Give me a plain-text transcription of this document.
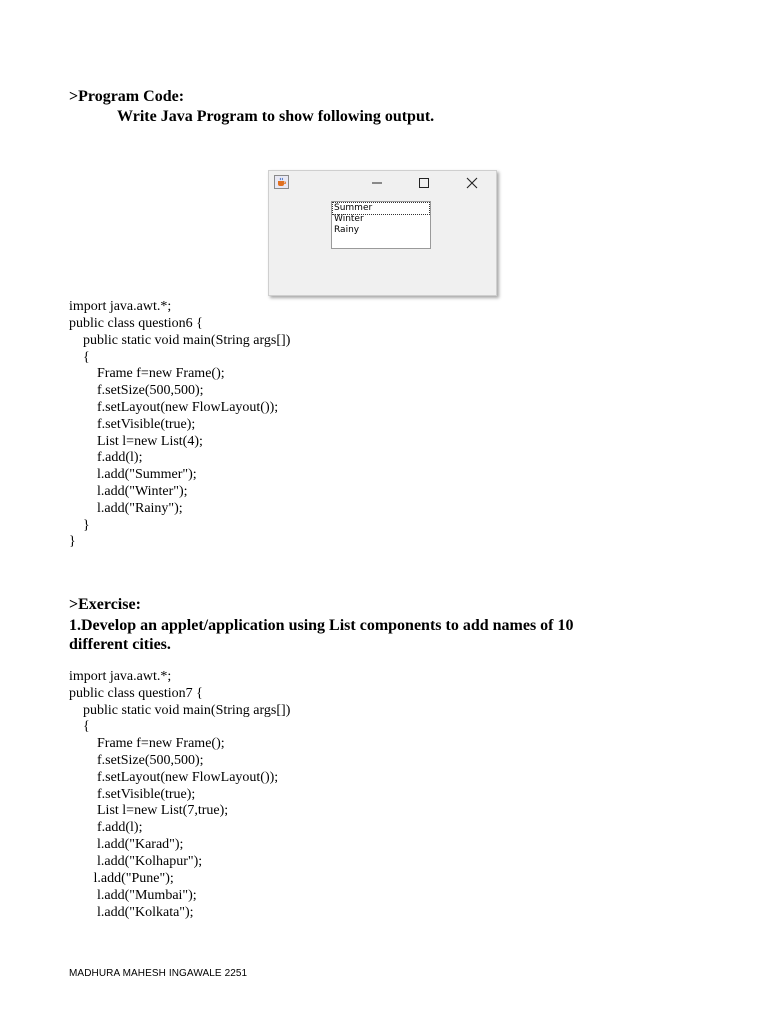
>Program Code:
Write Java Program to show following output.
Summer
Winter
Rainy
import java.awt.*;
public class question6 {
public static void main(String args[])
{
Frame f=new Frame();
f.setSize(500,500);
f.setLayout(new FlowLayout());
f.setVisible(true);
List l=new List(4);
f.add(l);
l.add("Summer");
l.add("Winter");
l.add("Rainy");
}
}
>Exercise:
1.Develop an applet/application using List components to add names of 10
different cities.
import java.awt.*;
public class question7 {
public static void main(String args[])
{
Frame f=new Frame();
f.setSize(500,500);
f.setLayout(new FlowLayout());
f.setVisible(true);
List l=new List(7,true);
f.add(l);
l.add("Karad");
l.add("Kolhapur");
l.add("Pune");
l.add("Mumbai");
l.add("Kolkata");
MADHURA MAHESH INGAWALE 2251
